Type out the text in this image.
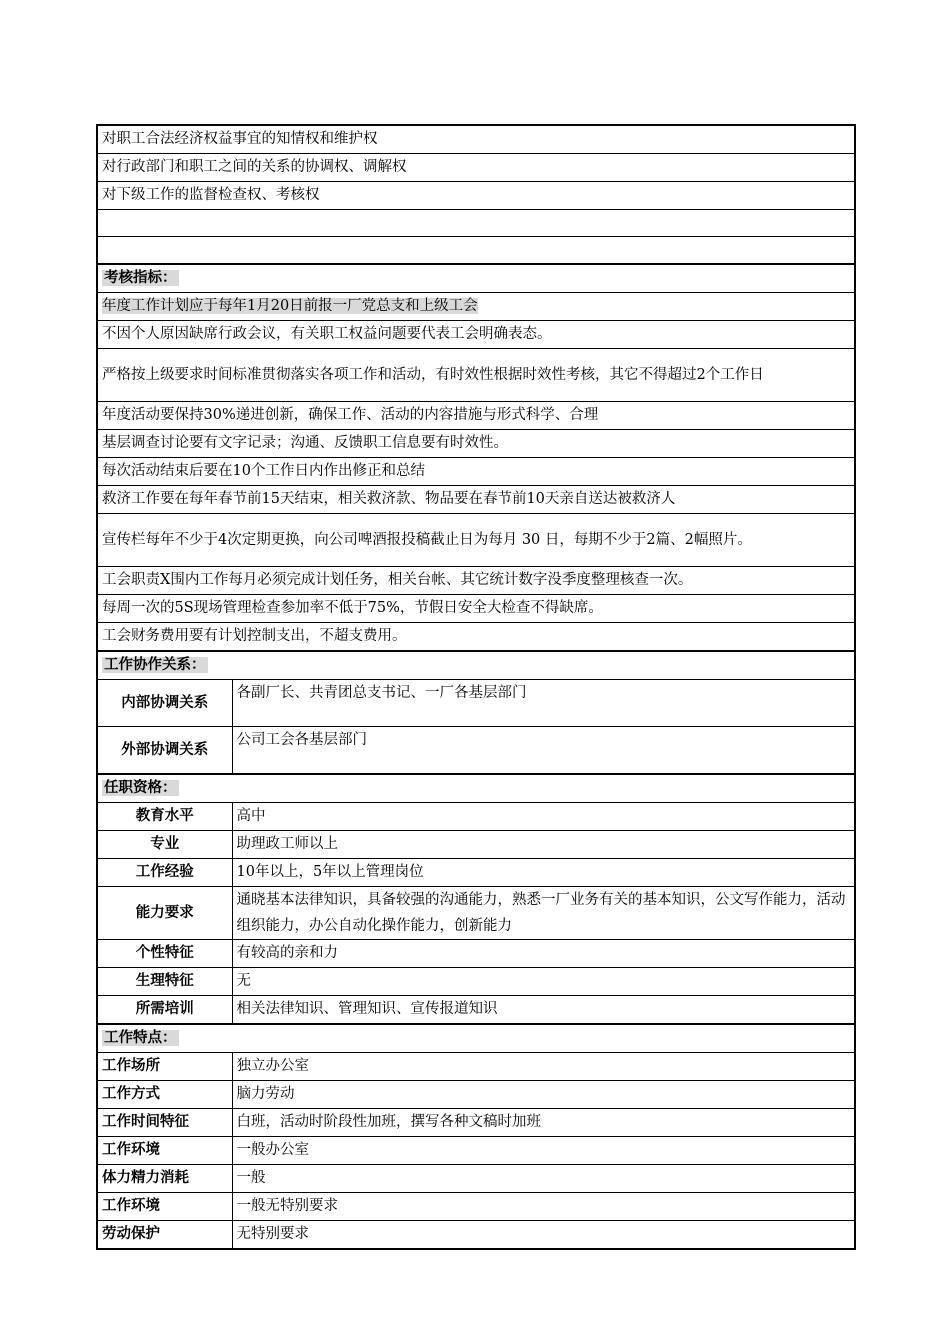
对职工合法经济权益事宜的知情权和维护权	
对行政部门和职工之间的关系的协调权、调解权	
对下级工作的监督检查权、考核权	

考核指标：	
年度工作计划应于每年1月20日前报一厂党总支和上级工会	
不因个人原因缺席行政会议，有关职工权益问题要代表工会明确表态。	
严格按上级要求时间标准贯彻落实各项工作和活动，有时效性根据时效性考核，其它不得超过2个工作日	
年度活动要保持30%递进创新，确保工作、活动的内容措施与形式科学、合理	
基层调查讨论要有文字记录；沟通、反馈职工信息要有时效性。	
每次活动结束后要在10个工作日内作出修正和总结	
救济工作要在每年春节前15天结束，相关救济款、物品要在春节前10天亲自送达被救济人	
宣传栏每年不少于4次定期更换，向公司啤酒报投稿截止日为每月 30 日，每期不少于2篇、2幅照片。	
工会职责X围内工作每月必须完成计划任务，相关台帐、其它统计数字没季度整理核查一次。	
每周一次的5S现场管理检查参加率不低于75%，节假日安全大检查不得缺席。	
工会财务费用要有计划控制支出，不超支费用。	
工作协作关系：	
内部协调关系	各副厂长、共青团总支书记、一厂各基层部门
外部协调关系	公司工会各基层部门
任职资格：	
教育水平	高中
专业	助理政工师以上
工作经验	10年以上，5年以上管理岗位
能力要求	通晓基本法律知识，具备较强的沟通能力，熟悉一厂业务有关的基本知识，公文写作能力，活动组织能力，办公自动化操作能力，创新能力
个性特征	有较高的亲和力
生理特征	无
所需培训	相关法律知识、管理知识、宣传报道知识
工作特点：	
工作场所	独立办公室
工作方式	脑力劳动
工作时间特征	白班，活动时阶段性加班，撰写各种文稿时加班
工作环境	一般办公室
体力精力消耗	一般
工作环境	一般无特别要求
劳动保护	无特别要求
